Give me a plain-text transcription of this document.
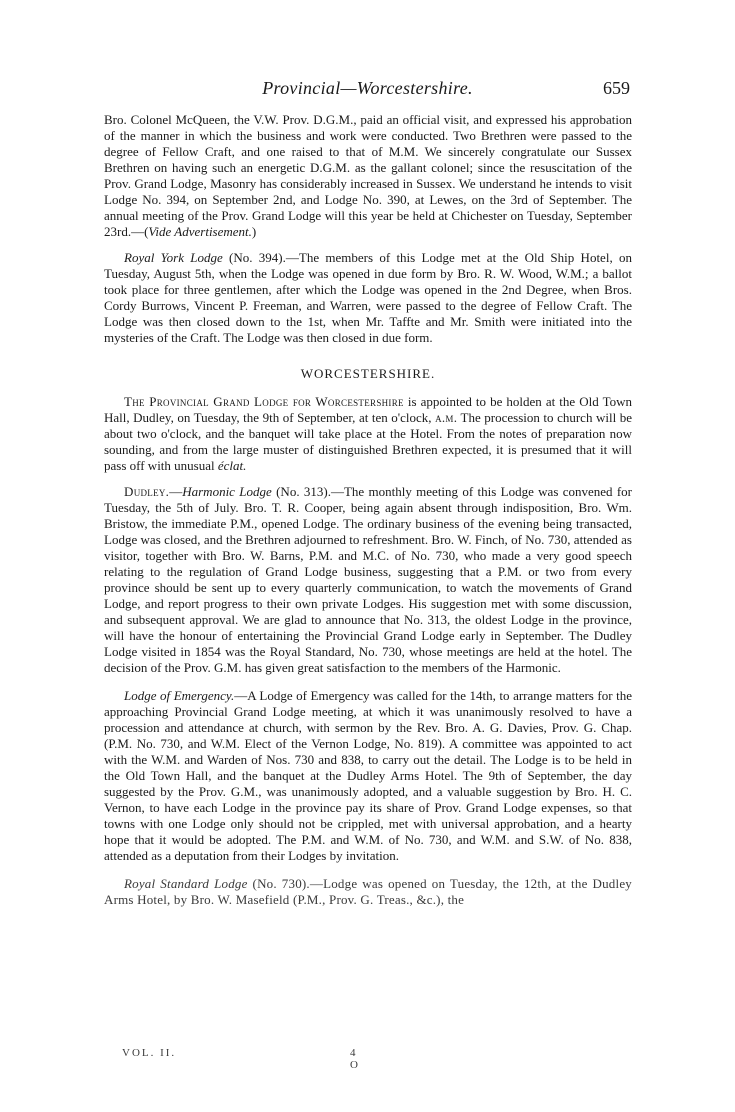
Provincial—Worcestershire.	659

Bro. Colonel McQueen, the V.W. Prov. D.G.M., paid an official visit, and expressed his approbation of the manner in which the business and work were conducted. Two Brethren were passed to the degree of Fellow Craft, and one raised to that of M.M. We sincerely congratulate our Sussex Brethren on having such an energetic D.G.M. as the gallant colonel; since the resuscitation of the Prov. Grand Lodge, Masonry has considerably increased in Sussex. We understand he intends to visit Lodge No. 394, on September 2nd, and Lodge No. 390, at Lewes, on the 3rd of September. The annual meeting of the Prov. Grand Lodge will this year be held at Chichester on Tuesday, September 23rd.—(Vide Advertisement.)

Royal York Lodge (No. 394).—The members of this Lodge met at the Old Ship Hotel, on Tuesday, August 5th, when the Lodge was opened in due form by Bro. R. W. Wood, W.M.; a ballot took place for three gentlemen, after which the Lodge was opened in the 2nd Degree, when Bros. Cordy Burrows, Vincent P. Freeman, and Warren, were passed to the degree of Fellow Craft. The Lodge was then closed down to the 1st, when Mr. Taffte and Mr. Smith were initiated into the mysteries of the Craft. The Lodge was then closed in due form.

WORCESTERSHIRE.

The Provincial Grand Lodge for Worcestershire is appointed to be holden at the Old Town Hall, Dudley, on Tuesday, the 9th of September, at ten o'clock, a.m. The procession to church will be about two o'clock, and the banquet will take place at the Hotel. From the notes of preparation now sounding, and from the large muster of distinguished Brethren expected, it is presumed that it will pass off with unusual éclat.

Dudley.—Harmonic Lodge (No. 313).—The monthly meeting of this Lodge was convened for Tuesday, the 5th of July. Bro. T. R. Cooper, being again absent through indisposition, Bro. Wm. Bristow, the immediate P.M., opened Lodge. The ordinary business of the evening being transacted, Lodge was closed, and the Brethren adjourned to refreshment. Bro. W. Finch, of No. 730, attended as visitor, together with Bro. W. Barns, P.M. and M.C. of No. 730, who made a very good speech relating to the regulation of Grand Lodge business, suggesting that a P.M. or two from every province should be sent up to every quarterly communication, to watch the movements of Grand Lodge, and report progress to their own private Lodges. His suggestion met with some discussion, and subsequent approval. We are glad to announce that No. 313, the oldest Lodge in the province, will have the honour of entertaining the Provincial Grand Lodge early in September. The Dudley Lodge visited in 1854 was the Royal Standard, No. 730, whose meetings are held at the hotel. The decision of the Prov. G.M. has given great satisfaction to the members of the Harmonic.

Lodge of Emergency.—A Lodge of Emergency was called for the 14th, to arrange matters for the approaching Provincial Grand Lodge meeting, at which it was unanimously resolved to have a procession and attendance at church, with sermon by the Rev. Bro. A. G. Davies, Prov. G. Chap. (P.M. No. 730, and W.M. Elect of the Vernon Lodge, No. 819). A committee was appointed to act with the W.M. and Warden of Nos. 730 and 838, to carry out the detail. The Lodge is to be held in the Old Town Hall, and the banquet at the Dudley Arms Hotel. The 9th of September, the day suggested by the Prov. G.M., was unanimously adopted, and a valuable suggestion by Bro. H. C. Vernon, to have each Lodge in the province pay its share of Prov. Grand Lodge expenses, so that towns with one Lodge only should not be crippled, met with universal approbation, and a hearty hope that it would be adopted. The P.M. and W.M. of No. 730, and W.M. and S.W. of No. 838, attended as a deputation from their Lodges by invitation.

Royal Standard Lodge (No. 730).—Lodge was opened on Tuesday, the 12th, at the Dudley Arms Hotel, by Bro. W. Masefield (P.M., Prov. G. Treas., &c.), the

VOL. II.	4 O
